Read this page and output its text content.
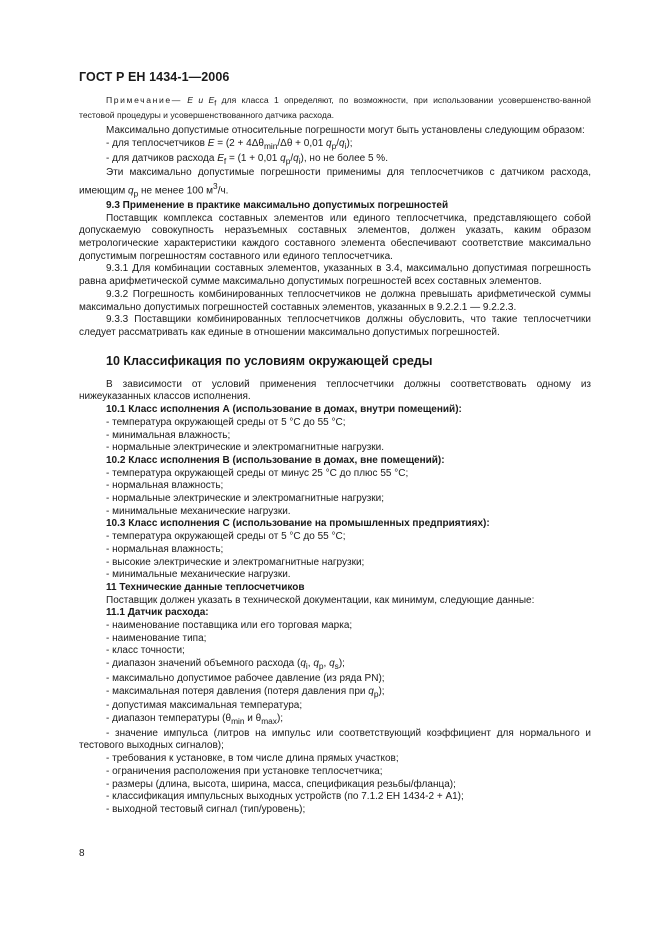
ГОСТ Р ЕН 1434-1—2006

Примечание— Е и $Е_f$ для класса 1 определяют, по возможности, при использовании усовершенство-ванной тестовой процедуры и усовершенствованного датчика расхода.

Максимально допустимые относительные погрешности могут быть установлены следующим образом:

- для теплосчетчиков $Е = (2 + 4\Delta\theta_{min}/\Delta\theta + 0,01$ $q_p/q_i$);

- для датчиков расхода $Е_f = (1 + 0,01$ $q_p/q_i$), но не более 5 %.

Эти максимально допустимые погрешности применимы для теплосчетчиков с датчиком расхода, имеющим $q_p$ не менее 100 $м^3/ч$.

9.3 Применение в практике максимально допустимых погрешностей

Поставщик комплекса составных элементов или единого теплосчетчика, представляющего собой допускаемую совокупность неразъемных составных элементов, должен указать, каким образом метрологические характеристики каждого составного элемента обеспечивают соответствие максимально допустимым погрешностям составного или единого теплосчетчика.

9.3.1 Для комбинации составных элементов, указанных в 3.4, максимально допустимая погрешность равна арифметической сумме максимально допустимых погрешностей всех составных элементов.

9.3.2 Погрешность комбинированных теплосчетчиков не должна превышать арифметической суммы максимально допустимых погрешностей составных элементов, указанных в 9.2.2.1 — 9.2.2.3.

9.3.3 Поставщики комбинированных теплосчетчиков должны обусловить, что такие теплосчетчики следует рассматривать как единые в отношении максимально допустимых погрешностей.

10 Классификация по условиям окружающей среды

В зависимости от условий применения теплосчетчики должны соответствовать одному из нижеуказанных классов исполнения.

10.1 Класс исполнения А (использование в домах, внутри помещений):

- температура окружающей среды от 5 °С до 55 °С;

- минимальная влажность;

- нормальные электрические и электромагнитные нагрузки.

10.2 Класс исполнения В (использование в домах, вне помещений):

- температура окружающей среды от минус 25 °С до плюс 55 °С;

- нормальная влажность;

- нормальные электрические и электромагнитные нагрузки;

- минимальные механические нагрузки.

10.3 Класс исполнения С (использование на промышленных предприятиях):

- температура окружающей среды от 5 °С до 55 °С;

- нормальная влажность;

- высокие электрические и электромагнитные нагрузки;

- минимальные механические нагрузки.

11 Технические данные теплосчетчиков

Поставщик должен указать в технической документации, как минимум, следующие данные:

11.1 Датчик расхода:

- наименование поставщика или его торговая марка;

- наименование типа;

- класс точности;

- диапазон значений объемного расхода ($q_i$, $q_p$, $q_s$);

- максимально допустимое рабочее давление (из ряда PN);

- максимальная потеря давления (потеря давления при $q_p$);

- допустимая максимальная температура;

- диапазон температуры ($\theta_{min}$ и $\theta_{max}$);

- значение импульса (литров на импульс или соответствующий коэффициент для нормального и тестового выходных сигналов);

- требования к установке, в том числе длина прямых участков;

- ограничения расположения при установке теплосчетчика;

- размеры (длина, высота, ширина, масса, спецификация резьбы/фланца);

- классификация импульсных выходных устройств (по 7.1.2 ЕН 1434-2 + А1);

- выходной тестовый сигнал (тип/уровень);

8
